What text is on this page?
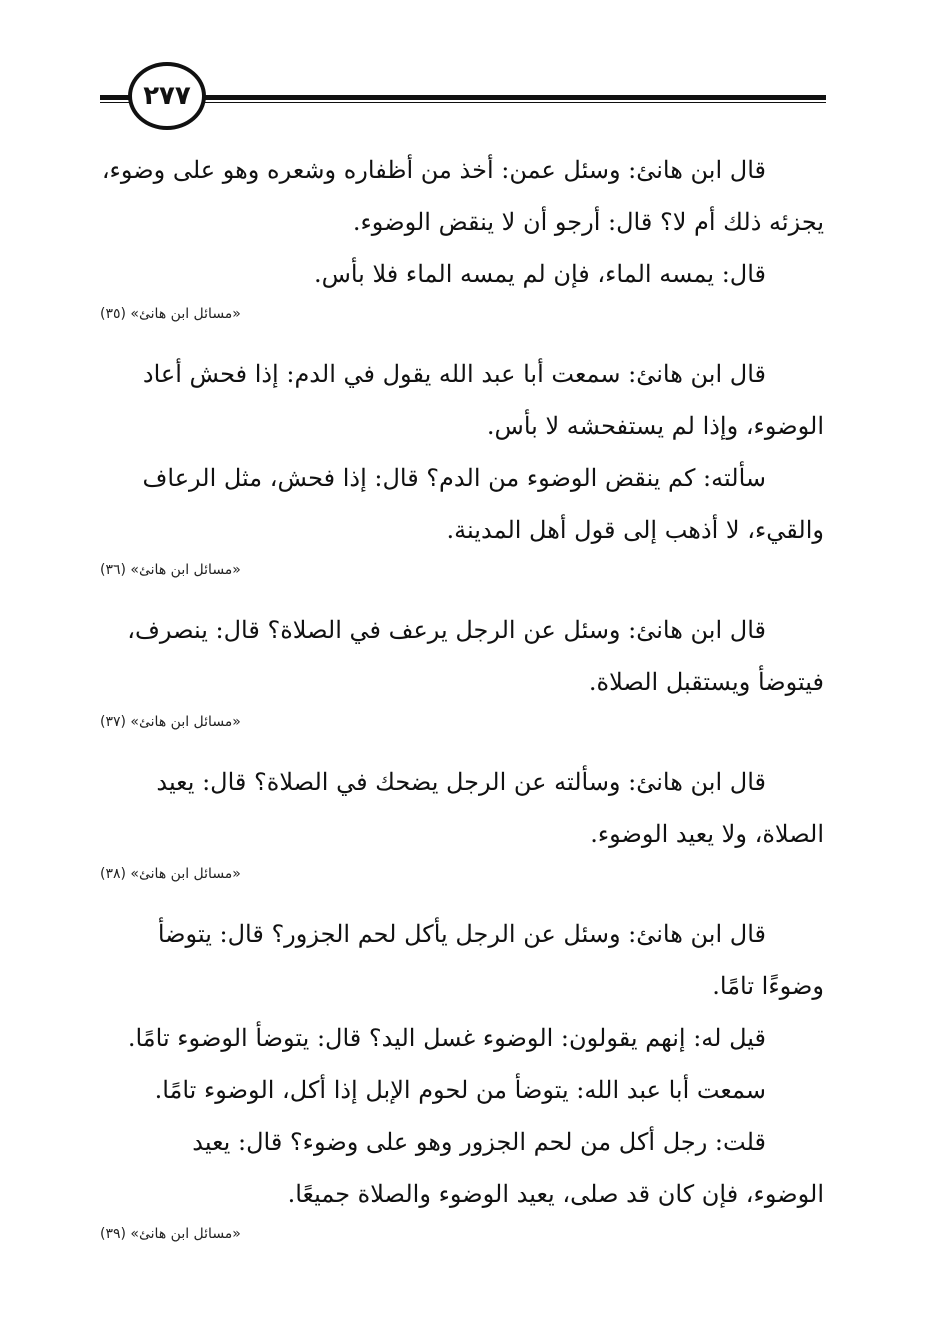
٢٧٧
قال ابن هانئ: وسئل عمن: أخذ من أظفاره وشعره وهو على وضوء،
يجزئه ذلك أم لا؟ قال: أرجو أن لا ينقض الوضوء.
قال: يمسه الماء، فإن لم يمسه الماء فلا بأس.
«مسائل ابن هانئ» (٣٥)
قال ابن هانئ: سمعت أبا عبد الله يقول في الدم: إذا فحش أعاد
الوضوء، وإذا لم يستفحشه لا بأس.
سألته: كم ينقض الوضوء من الدم؟ قال: إذا فحش، مثل الرعاف
والقيء، لا أذهب إلى قول أهل المدينة.
«مسائل ابن هانئ» (٣٦)
قال ابن هانئ: وسئل عن الرجل يرعف في الصلاة؟ قال: ينصرف،
فيتوضأ ويستقبل الصلاة.
«مسائل ابن هانئ» (٣٧)
قال ابن هانئ: وسألته عن الرجل يضحك في الصلاة؟ قال: يعيد
الصلاة، ولا يعيد الوضوء.
«مسائل ابن هانئ» (٣٨)
قال ابن هانئ: وسئل عن الرجل يأكل لحم الجزور؟ قال: يتوضأ
وضوءًا تامًا.
قيل له: إنهم يقولون: الوضوء غسل اليد؟ قال: يتوضأ الوضوء تامًا.
سمعت أبا عبد الله: يتوضأ من لحوم الإبل إذا أكل، الوضوء تامًا.
قلت: رجل أكل من لحم الجزور وهو على وضوء؟ قال: يعيد
الوضوء، فإن كان قد صلى، يعيد الوضوء والصلاة جميعًا.
«مسائل ابن هانئ» (٣٩)
